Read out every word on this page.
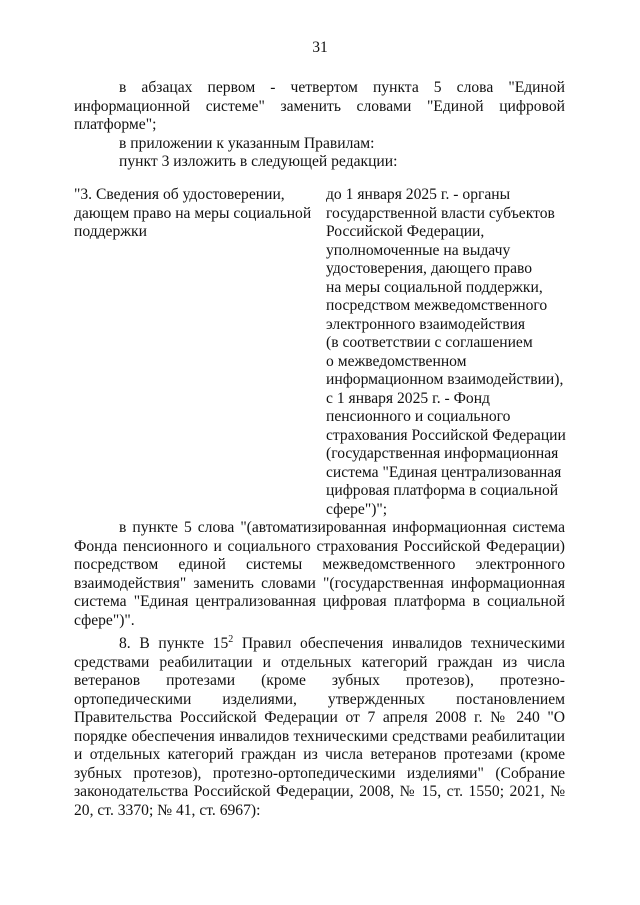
31

в абзацах первом - четвертом пункта 5 слова "Единой информационной системе" заменить словами "Единой цифровой платформе";

в приложении к указанным Правилам:

пункт 3 изложить в следующей редакции:

"3. Сведения об удостоверении,
дающем право на меры социальной
поддержки
до 1 января 2025 г. - органы
государственной власти субъектов
Российской Федерации,
уполномоченные на выдачу
удостоверения, дающего право
на меры социальной поддержки,
посредством межведомственного
электронного взаимодействия
(в соответствии с соглашением
о межведомственном
информационном взаимодействии),
с 1 января 2025 г. - Фонд
пенсионного и социального
страхования Российской Федерации
(государственная информационная
система "Единая централизованная
цифровая платформа в социальной
сфере")";

в пункте 5 слова "(автоматизированная информационная система Фонда пенсионного и социального страхования Российской Федерации) посредством единой системы межведомственного электронного взаимодействия" заменить словами "(государственная информационная система "Единая централизованная цифровая платформа в социальной сфере")".

8. В пункте $15^2$ Правил обеспечения инвалидов техническими средствами реабилитации и отдельных категорий граждан из числа ветеранов протезами (кроме зубных протезов), протезно-ортопедическими изделиями, утвержденных постановлением Правительства Российской Федерации от 7 апреля 2008 г. № 240 "О порядке обеспечения инвалидов техническими средствами реабилитации и отдельных категорий граждан из числа ветеранов протезами (кроме зубных протезов), протезно-ортопедическими изделиями" (Собрание законодательства Российской Федерации, 2008, № 15, ст. 1550; 2021, № 20, ст. 3370; № 41, ст. 6967):
